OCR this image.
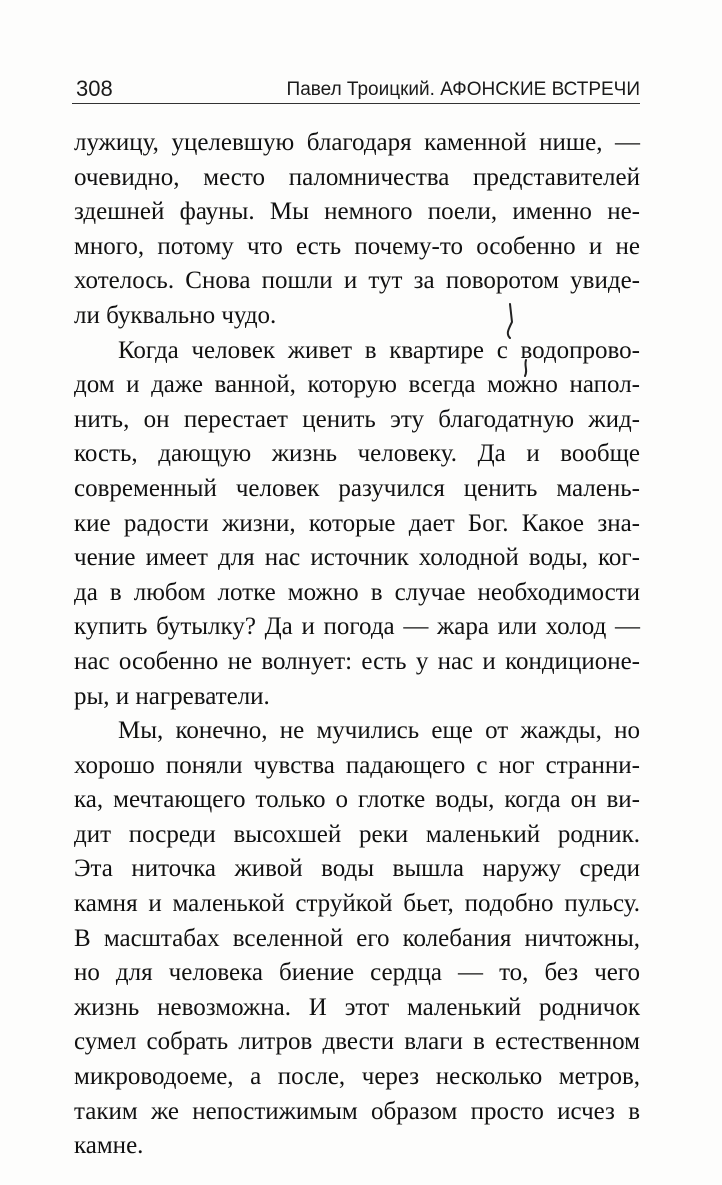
308	Павел Троицкий. АФОНСКИЕ ВСТРЕЧИ
лужицу, уцелевшую благодаря каменной нише, —
очевидно, место паломничества представителей
здешней фауны. Мы немного поели, именно не-
много, потому что есть почему-то особенно и не
хотелось. Снова пошли и тут за поворотом увиде-
ли буквально чудо.
Когда человек живет в квартире с водопрово-
дом и даже ванной, которую всегда можно напол-
нить, он перестает ценить эту благодатную жид-
кость, дающую жизнь человеку. Да и вообще
современный человек разучился ценить малень-
кие радости жизни, которые дает Бог. Какое зна-
чение имеет для нас источник холодной воды, ког-
да в любом лотке можно в случае необходимости
купить бутылку? Да и погода — жара или холод —
нас особенно не волнует: есть у нас и кондиционе-
ры, и нагреватели.
Мы, конечно, не мучились еще от жажды, но
хорошо поняли чувства падающего с ног странни-
ка, мечтающего только о глотке воды, когда он ви-
дит посреди высохшей реки маленький родник.
Эта ниточка живой воды вышла наружу среди
камня и маленькой струйкой бьет, подобно пульсу.
В масштабах вселенной его колебания ничтожны,
но для человека биение сердца — то, без чего
жизнь невозможна. И этот маленький родничок
сумел собрать литров двести влаги в естественном
микроводоеме, а после, через несколько метров,
таким же непостижимым образом просто исчез в
камне.
